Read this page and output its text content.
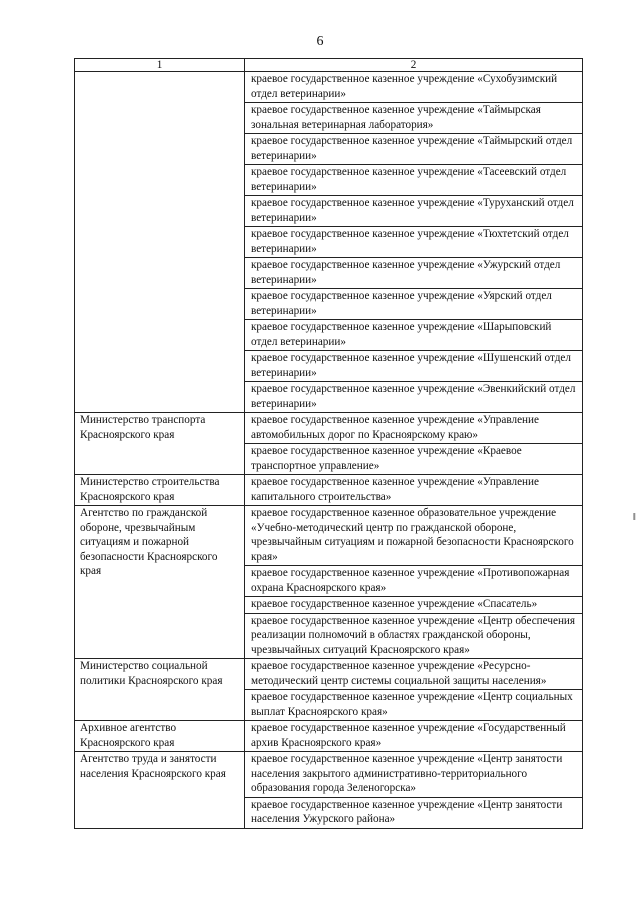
6
ǁ
1	2
	краевое государственное казенное учреждение «Сухобузимский отдел ветеринарии»
	краевое государственное казенное учреждение «Таймырская зональная ветеринарная лаборатория»
	краевое государственное казенное учреждение «Таймырский отдел ветеринарии»
	краевое государственное казенное учреждение «Тасеевский отдел ветеринарии»
	краевое государственное казенное учреждение «Туруханский отдел ветеринарии»
	краевое государственное казенное учреждение «Тюхтетский отдел ветеринарии»
	краевое государственное казенное учреждение «Ужурский отдел ветеринарии»
	краевое государственное казенное учреждение «Уярский отдел ветеринарии»
	краевое государственное казенное учреждение «Шарыповский отдел ветеринарии»
	краевое государственное казенное учреждение «Шушенский отдел ветеринарии»
	краевое государственное казенное учреждение «Эвенкийский отдел ветеринарии»
Министерство транспорта Красноярского края	краевое государственное казенное учреждение «Управление автомобильных дорог по Красноярскому краю»
	краевое государственное казенное учреждение «Краевое транспортное управление»
Министерство строительства Красноярского края	краевое государственное казенное учреждение «Управление капитального строительства»
Агентство по гражданской обороне, чрезвычайным ситуациям и пожарной безопасности Красноярского края	краевое государственное казенное образовательное учреждение «Учебно-методический центр по гражданской обороне, чрезвычайным ситуациям и пожарной безопасности Красноярского края»
	краевое государственное казенное учреждение «Противопожарная охрана Красноярского края»
	краевое государственное казенное учреждение «Спасатель»
	краевое государственное казенное учреждение «Центр обеспечения реализации полномочий в областях гражданской обороны, чрезвычайных ситуаций Красноярского края»
Министерство социальной политики Красноярского края	краевое государственное казенное учреждение «Ресурсно-методический центр системы социальной защиты населения»
	краевое государственное казенное учреждение «Центр социальных выплат Красноярского края»
Архивное агентство Красноярского края	краевое государственное казенное учреждение «Государственный архив Красноярского края»
Агентство труда и занятости населения Красноярского края	краевое государственное казенное учреждение «Центр занятости населения закрытого административно-территориального образования города Зеленогорска»
	краевое государственное казенное учреждение «Центр занятости населения Ужурского района»
